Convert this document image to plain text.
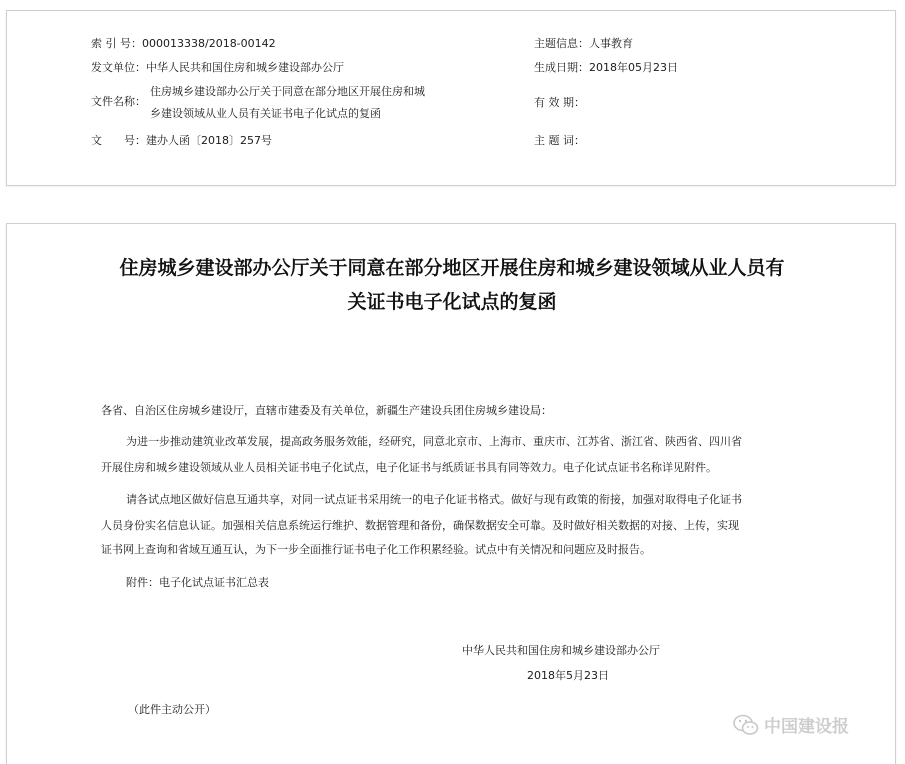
索 引 号：000013338/2018-00142
发文单位：中华人民共和国住房和城乡建设部办公厅
文件名称：
住房城乡建设部办公厅关于同意在部分地区开展住房和城
乡建设领域从业人员有关证书电子化试点的复函
文　　号：建办人函〔2018〕257号
主题信息：人事教育
生成日期：2018年05月23日
有 效 期：
主 题 词：
住房城乡建设部办公厅关于同意在部分地区开展住房和城乡建设领域从业人员有
关证书电子化试点的复函
各省、自治区住房城乡建设厅，直辖市建委及有关单位，新疆生产建设兵团住房城乡建设局：
为进一步推动建筑业改革发展，提高政务服务效能，经研究，同意北京市、上海市、重庆市、江苏省、浙江省、陕西省、四川省
开展住房和城乡建设领域从业人员相关证书电子化试点，电子化证书与纸质证书具有同等效力。电子化试点证书名称详见附件。
请各试点地区做好信息互通共享，对同一试点证书采用统一的电子化证书格式。做好与现有政策的衔接，加强对取得电子化证书
人员身份实名信息认证。加强相关信息系统运行维护、数据管理和备份，确保数据安全可靠。及时做好相关数据的对接、上传，实现
证书网上查询和省域互通互认，为下一步全面推行证书电子化工作积累经验。试点中有关情况和问题应及时报告。
附件：电子化试点证书汇总表
中华人民共和国住房和城乡建设部办公厅
2018年5月23日
（此件主动公开）
中国建设报
